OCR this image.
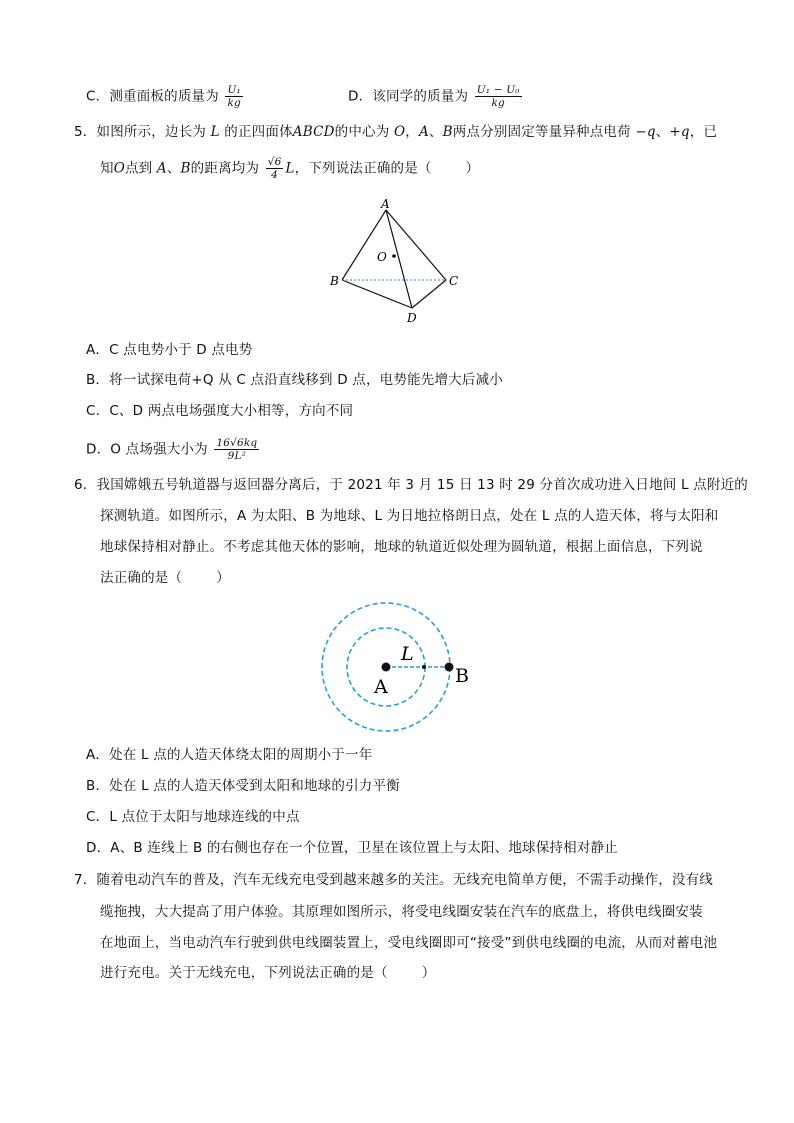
C．测重面板的质量为 $\frac{\text{U₁}}{kg}$	D．该同学的质量为 $\frac{\text{U₁ − U₀}}{kg}$
5．如图所示，边长为 L 的正四面体ABCD的中心为 O，A、B两点分别固定等量异种点电荷 −q、+q，已
知O点到 A、B的距离均为 $\frac{√6}{4}$ L，下列说法正确的是（	）
A
B	C
D
O
A．C 点电势小于 D 点电势
B．将一试探电荷+Q 从 C 点沿直线移到 D 点，电势能先增大后减小
C．C、D 两点电场强度大小相等，方向不同
D．O 点场强大小为 $\frac{16√6kq}{\text{9L²}}$
6．我国嫦娥五号轨道器与返回器分离后，于 2021 年 3 月 15 日 13 时 29 分首次成功进入日地间 L 点附近的
探测轨道。如图所示，A 为太阳、B 为地球、L 为日地拉格朗日点，处在 L 点的人造天体，将与太阳和
地球保持相对静止。不考虑其他天体的影响，地球的轨道近似处理为圆轨道，根据上面信息，下列说
法正确的是（	）
A	B
L
A．处在 L 点的人造天体绕太阳的周期小于一年
B．处在 L 点的人造天体受到太阳和地球的引力平衡
C．L 点位于太阳与地球连线的中点
D．A、B 连线上 B 的右侧也存在一个位置，卫星在该位置上与太阳、地球保持相对静止
7．随着电动汽车的普及，汽车无线充电受到越来越多的关注。无线充电简单方便，不需手动操作，没有线
缆拖拽，大大提高了用户体验。其原理如图所示，将受电线圈安装在汽车的底盘上，将供电线圈安装
在地面上，当电动汽车行驶到供电线圈装置上，受电线圈即可“接受”到供电线圈的电流，从而对蓄电池
进行充电。关于无线充电，下列说法正确的是（	）
